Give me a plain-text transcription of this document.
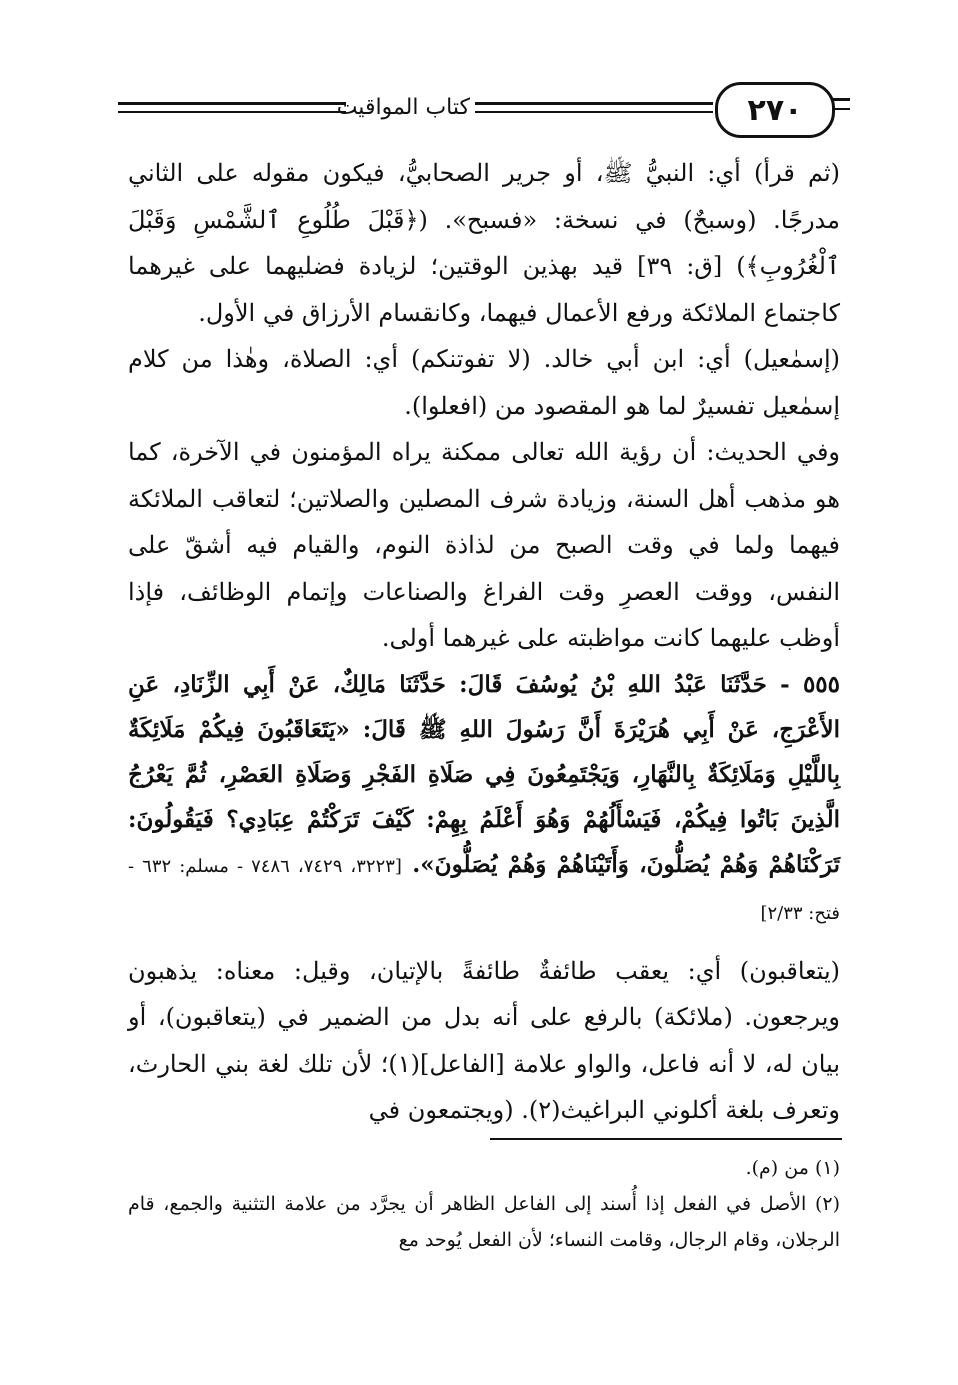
٢٧٠
كتاب المواقيت

(ثم قرأ) أي: النبيُّ ﷺ، أو جرير الصحابيُّ، فيكون مقوله على الثاني مدرجًا. (وسبحٌ) في نسخة: «فسبح». (﴿قَبْلَ طُلُوعِ ٱلشَّمْسِ وَقَبْلَ ٱلْغُرُوبِ﴾) [ق: ٣٩] قيد بهذين الوقتين؛ لزيادة فضليهما على غيرهما كاجتماع الملائكة ورفع الأعمال فيهما، وكانقسام الأرزاق في الأول.

(إسمٰعيل) أي: ابن أبي خالد. (لا تفوتنكم) أي: الصلاة، وهٰذا من كلام إسمٰعيل تفسيرٌ لما هو المقصود من (افعلوا).

وفي الحديث: أن رؤية الله تعالى ممكنة يراه المؤمنون في الآخرة، كما هو مذهب أهل السنة، وزيادة شرف المصلين والصلاتين؛ لتعاقب الملائكة فيهما ولما في وقت الصبح من لذاذة النوم، والقيام فيه أشقّ على النفس، ووقت العصرِ وقت الفراغ والصناعات وإتمام الوظائف، فإذا أوظب عليهما كانت مواظبته على غيرهما أولى.

٥٥٥ - حَدَّثَنَا عَبْدُ اللهِ بْنُ يُوسُفَ قَالَ: حَدَّثَنَا مَالِكٌ، عَنْ أَبِي الزِّنَادِ، عَنِ الأَعْرَجِ، عَنْ أَبِي هُرَيْرَةَ أَنَّ رَسُولَ اللهِ ﷺ قَالَ: «يَتَعَاقَبُونَ فِيكُمْ مَلَائِكَةٌ بِاللَّيْلِ وَمَلَائِكَةٌ بِالنَّهَارِ، وَيَجْتَمِعُونَ فِي صَلَاةِ الفَجْرِ وَصَلَاةِ العَصْرِ، ثُمَّ يَعْرُجُ الَّذِينَ بَاتُوا فِيكُمْ، فَيَسْأَلُهُمْ وَهُوَ أَعْلَمُ بِهِمْ: كَيْفَ تَرَكْتُمْ عِبَادِي؟ فَيَقُولُونَ: تَرَكْنَاهُمْ وَهُمْ يُصَلُّونَ، وَأَتَيْنَاهُمْ وَهُمْ يُصَلُّونَ». [٣٢٢٣، ٧٤٢٩، ٧٤٨٦ - مسلم: ٦٣٢ - فتح: ٢/٣٣]

(يتعاقبون) أي: يعقب طائفةٌ طائفةً بالإتيان، وقيل: معناه: يذهبون ويرجعون. (ملائكة) بالرفع على أنه بدل من الضمير في (يتعاقبون)، أو بيان له، لا أنه فاعل، والواو علامة [الفاعل](١)؛ لأن تلك لغة بني الحارث، وتعرف بلغة أكلوني البراغيث(٢). (ويجتمعون في

(١) من (م).

(٢) الأصل في الفعل إذا أُسند إلى الفاعل الظاهر أن يجرَّد من علامة التثنية والجمع، قام الرجلان، وقام الرجال، وقامت النساء؛ لأن الفعل يُوحد مع
